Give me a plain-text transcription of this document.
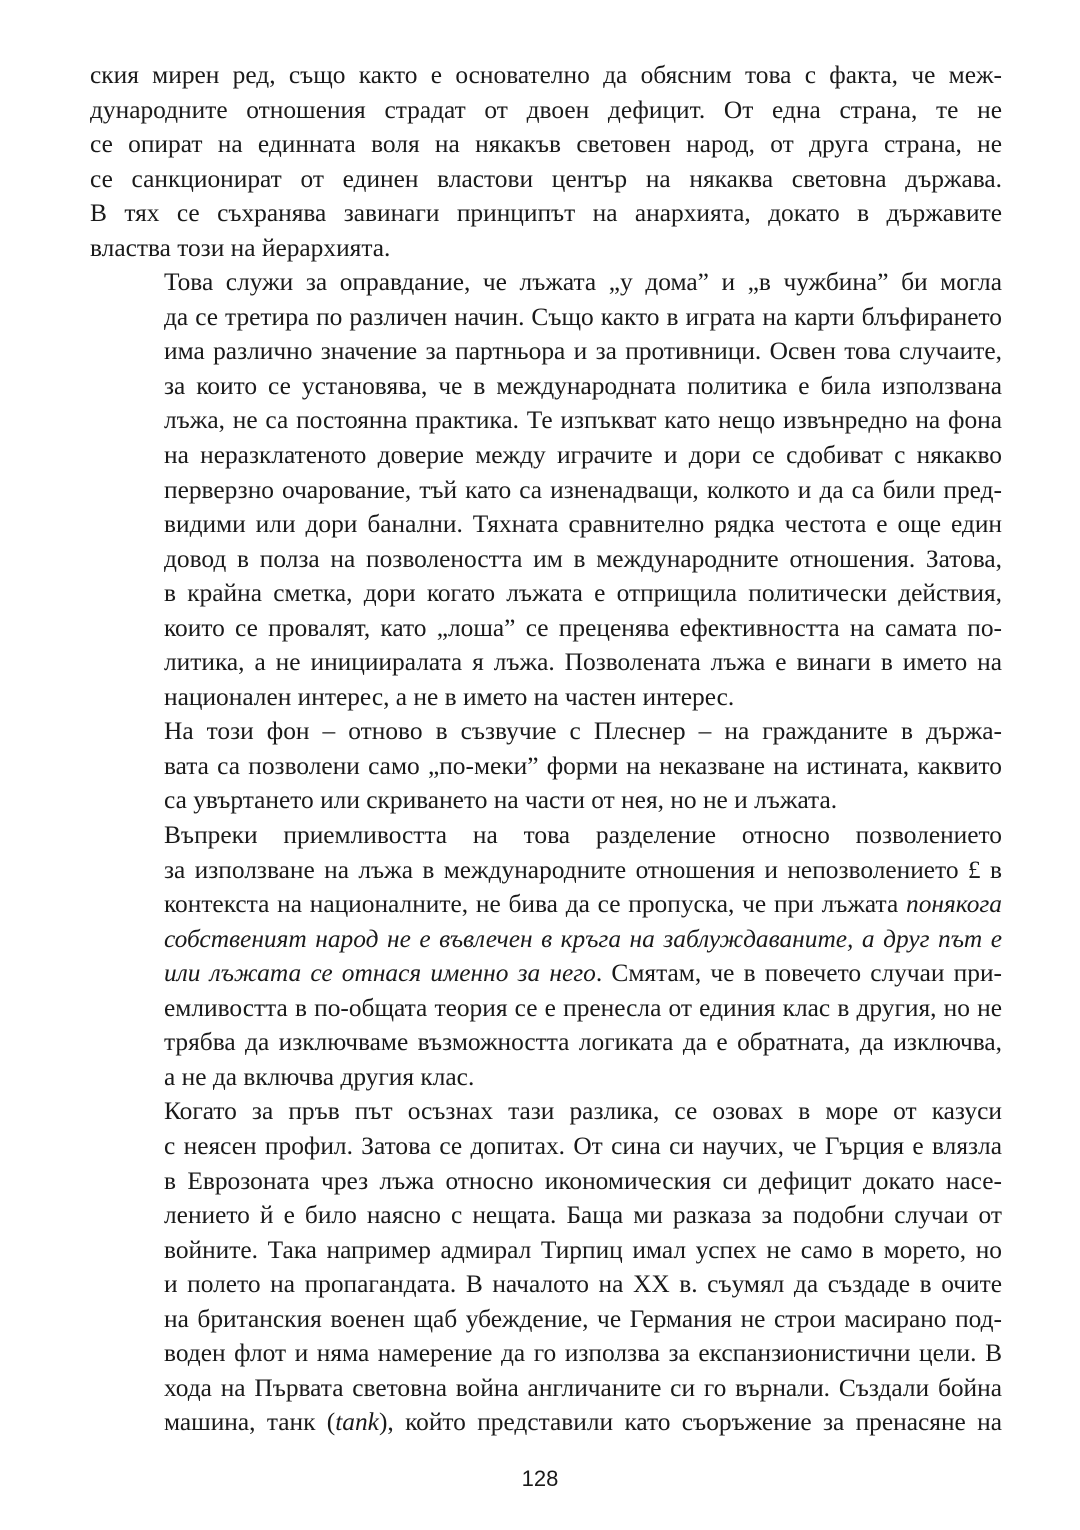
ския мирен ред, също както е основателно да обясним това с факта, че меж-
дународните отношения страдат от двоен дефицит. От една страна, те не
се опират на единната воля на някакъв световен народ, от друга страна, не
се санкционират от единен властови център на някаква световна държава.
В тях се съхранява завинаги принципът на анархията, докато в държавите
властва този на йерархията.

Това служи за оправдание, че лъжата „у дома” и „в чужбина” би могла
да се третира по различен начин. Също както в играта на карти блъфирането
има различно значение за партньора и за противници. Освен това случаите,
за които се установява, че в международната политика е била използвана
лъжа, не са постоянна практика. Те изпъкват като нещо извънредно на фона
на неразклатеното доверие между играчите и дори се сдобиват с някакво
перверзно очарование, тъй като са изненадващи, колкото и да са били пред-
видими или дори банални. Тяхната сравнително рядка честота е още един
довод в полза на позволеността им в международните отношения. Затова,
в крайна сметка, дори когато лъжата е отприщила политически действия,
които се провалят, като „лоша” се преценява ефективността на самата по-
литика, а не иницииралата я лъжа. Позволената лъжа е винаги в името на
национален интерес, а не в името на частен интерес.

На този фон – отново в съзвучие с Плеснер – на гражданите в държа-
вата са позволени само „по-меки” форми на неказване на истината, каквито
са увъртането или скриването на части от нея, но не и лъжата.

Въпреки приемливостта на това разделение относно позволението
за използване на лъжа в международните отношения и непозволението £ в
контекста на националните, не бива да се пропуска, че при лъжата понякога
собственият народ не е въвлечен в кръга на заблуждаваните, а друг път е
или лъжата се отнася именно за него. Смятам, че в повечето случаи при-
емливостта в по-общата теория се е пренесла от единия клас в другия, но не
трябва да изключваме възможността логиката да е обратната, да изключва,
а не да включва другия клас.

Когато за пръв път осъзнах тази разлика, се озовах в море от казуси
с неясен профил. Затова се допитах. От сина си научих, че Гърция е влязла
в Еврозоната чрез лъжа относно икономическия си дефицит докато насе-
лението й е било наясно с нещата. Баща ми разказа за подобни случаи от
войните. Така например адмирал Тирпиц имал успех не само в морето, но
и полето на пропагандата. В началото на XX в. съумял да създаде в очите
на британския военен щаб убеждение, че Германия не строи масирано под-
воден флот и няма намерение да го използва за експанзионистични цели. В
хода на Първата световна война англичаните си го върнали. Създали бойна
машина, танк (tank), който представили като съоръжение за пренасяне на

128
